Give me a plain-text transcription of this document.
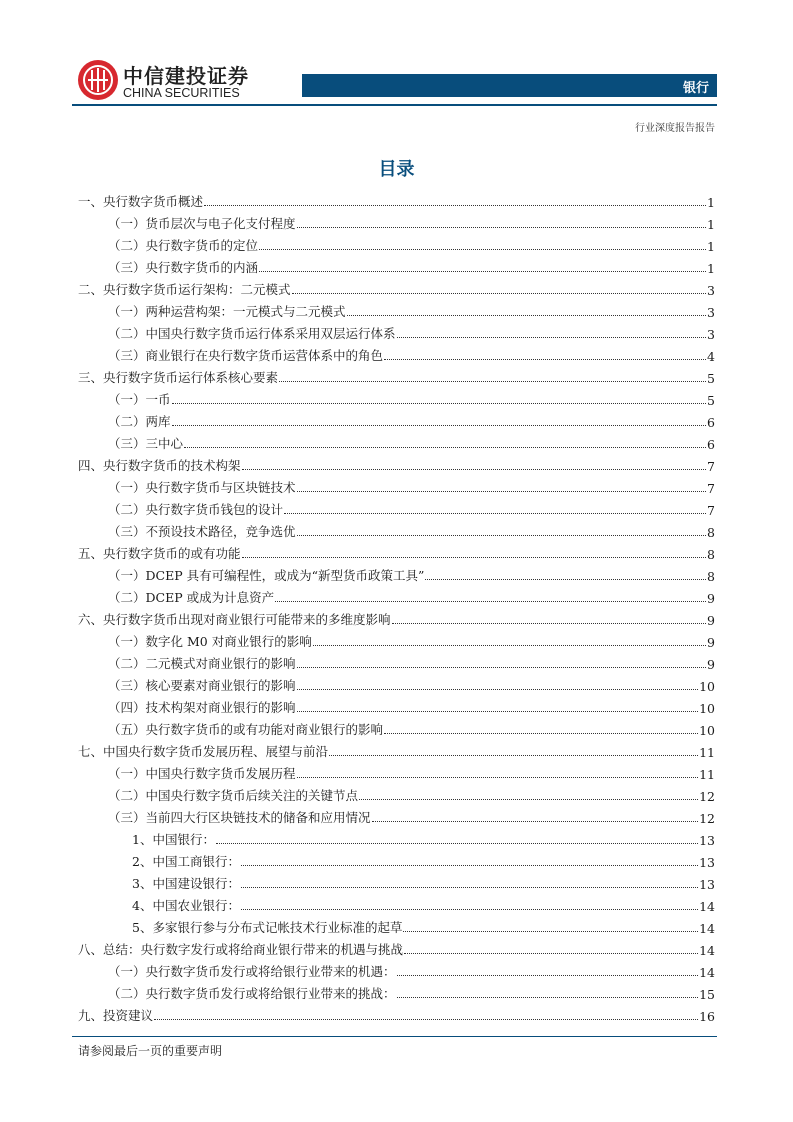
中信建投证券
CHINA SECURITIES	银行
行业深度报告报告
目录
一、央行数字货币概述	1
（一）货币层次与电子化支付程度	1
（二）央行数字货币的定位	1
（三）央行数字货币的内涵	1
二、央行数字货币运行架构：二元模式	3
（一）两种运营构架：一元模式与二元模式	3
（二）中国央行数字货币运行体系采用双层运行体系	3
（三）商业银行在央行数字货币运营体系中的角色	4
三、央行数字货币运行体系核心要素	5
（一）一币	5
（二）两库	6
（三）三中心	6
四、央行数字货币的技术构架	7
（一）央行数字货币与区块链技术	7
（二）央行数字货币钱包的设计	7
（三）不预设技术路径，竞争选优	8
五、央行数字货币的或有功能	8
（一）DCEP 具有可编程性，或成为“新型货币政策工具”	8
（二）DCEP 或成为计息资产	9
六、央行数字货币出现对商业银行可能带来的多维度影响	9
（一）数字化 M0 对商业银行的影响	9
（二）二元模式对商业银行的影响	9
（三）核心要素对商业银行的影响	10
（四）技术构架对商业银行的影响	10
（五）央行数字货币的或有功能对商业银行的影响	10
七、中国央行数字货币发展历程、展望与前沿	11
（一）中国央行数字货币发展历程	11
（二）中国央行数字货币后续关注的关键节点	12
（三）当前四大行区块链技术的储备和应用情况	12
1、中国银行：	13
2、中国工商银行：	13
3、中国建设银行：	13
4、中国农业银行：	14
5、多家银行参与分布式记帐技术行业标准的起草	14
八、总结：央行数字发行或将给商业银行带来的机遇与挑战	14
（一）央行数字货币发行或将给银行业带来的机遇：	14
（二）央行数字货币发行或将给银行业带来的挑战：	15
九、投资建议	16
请参阅最后一页的重要声明
